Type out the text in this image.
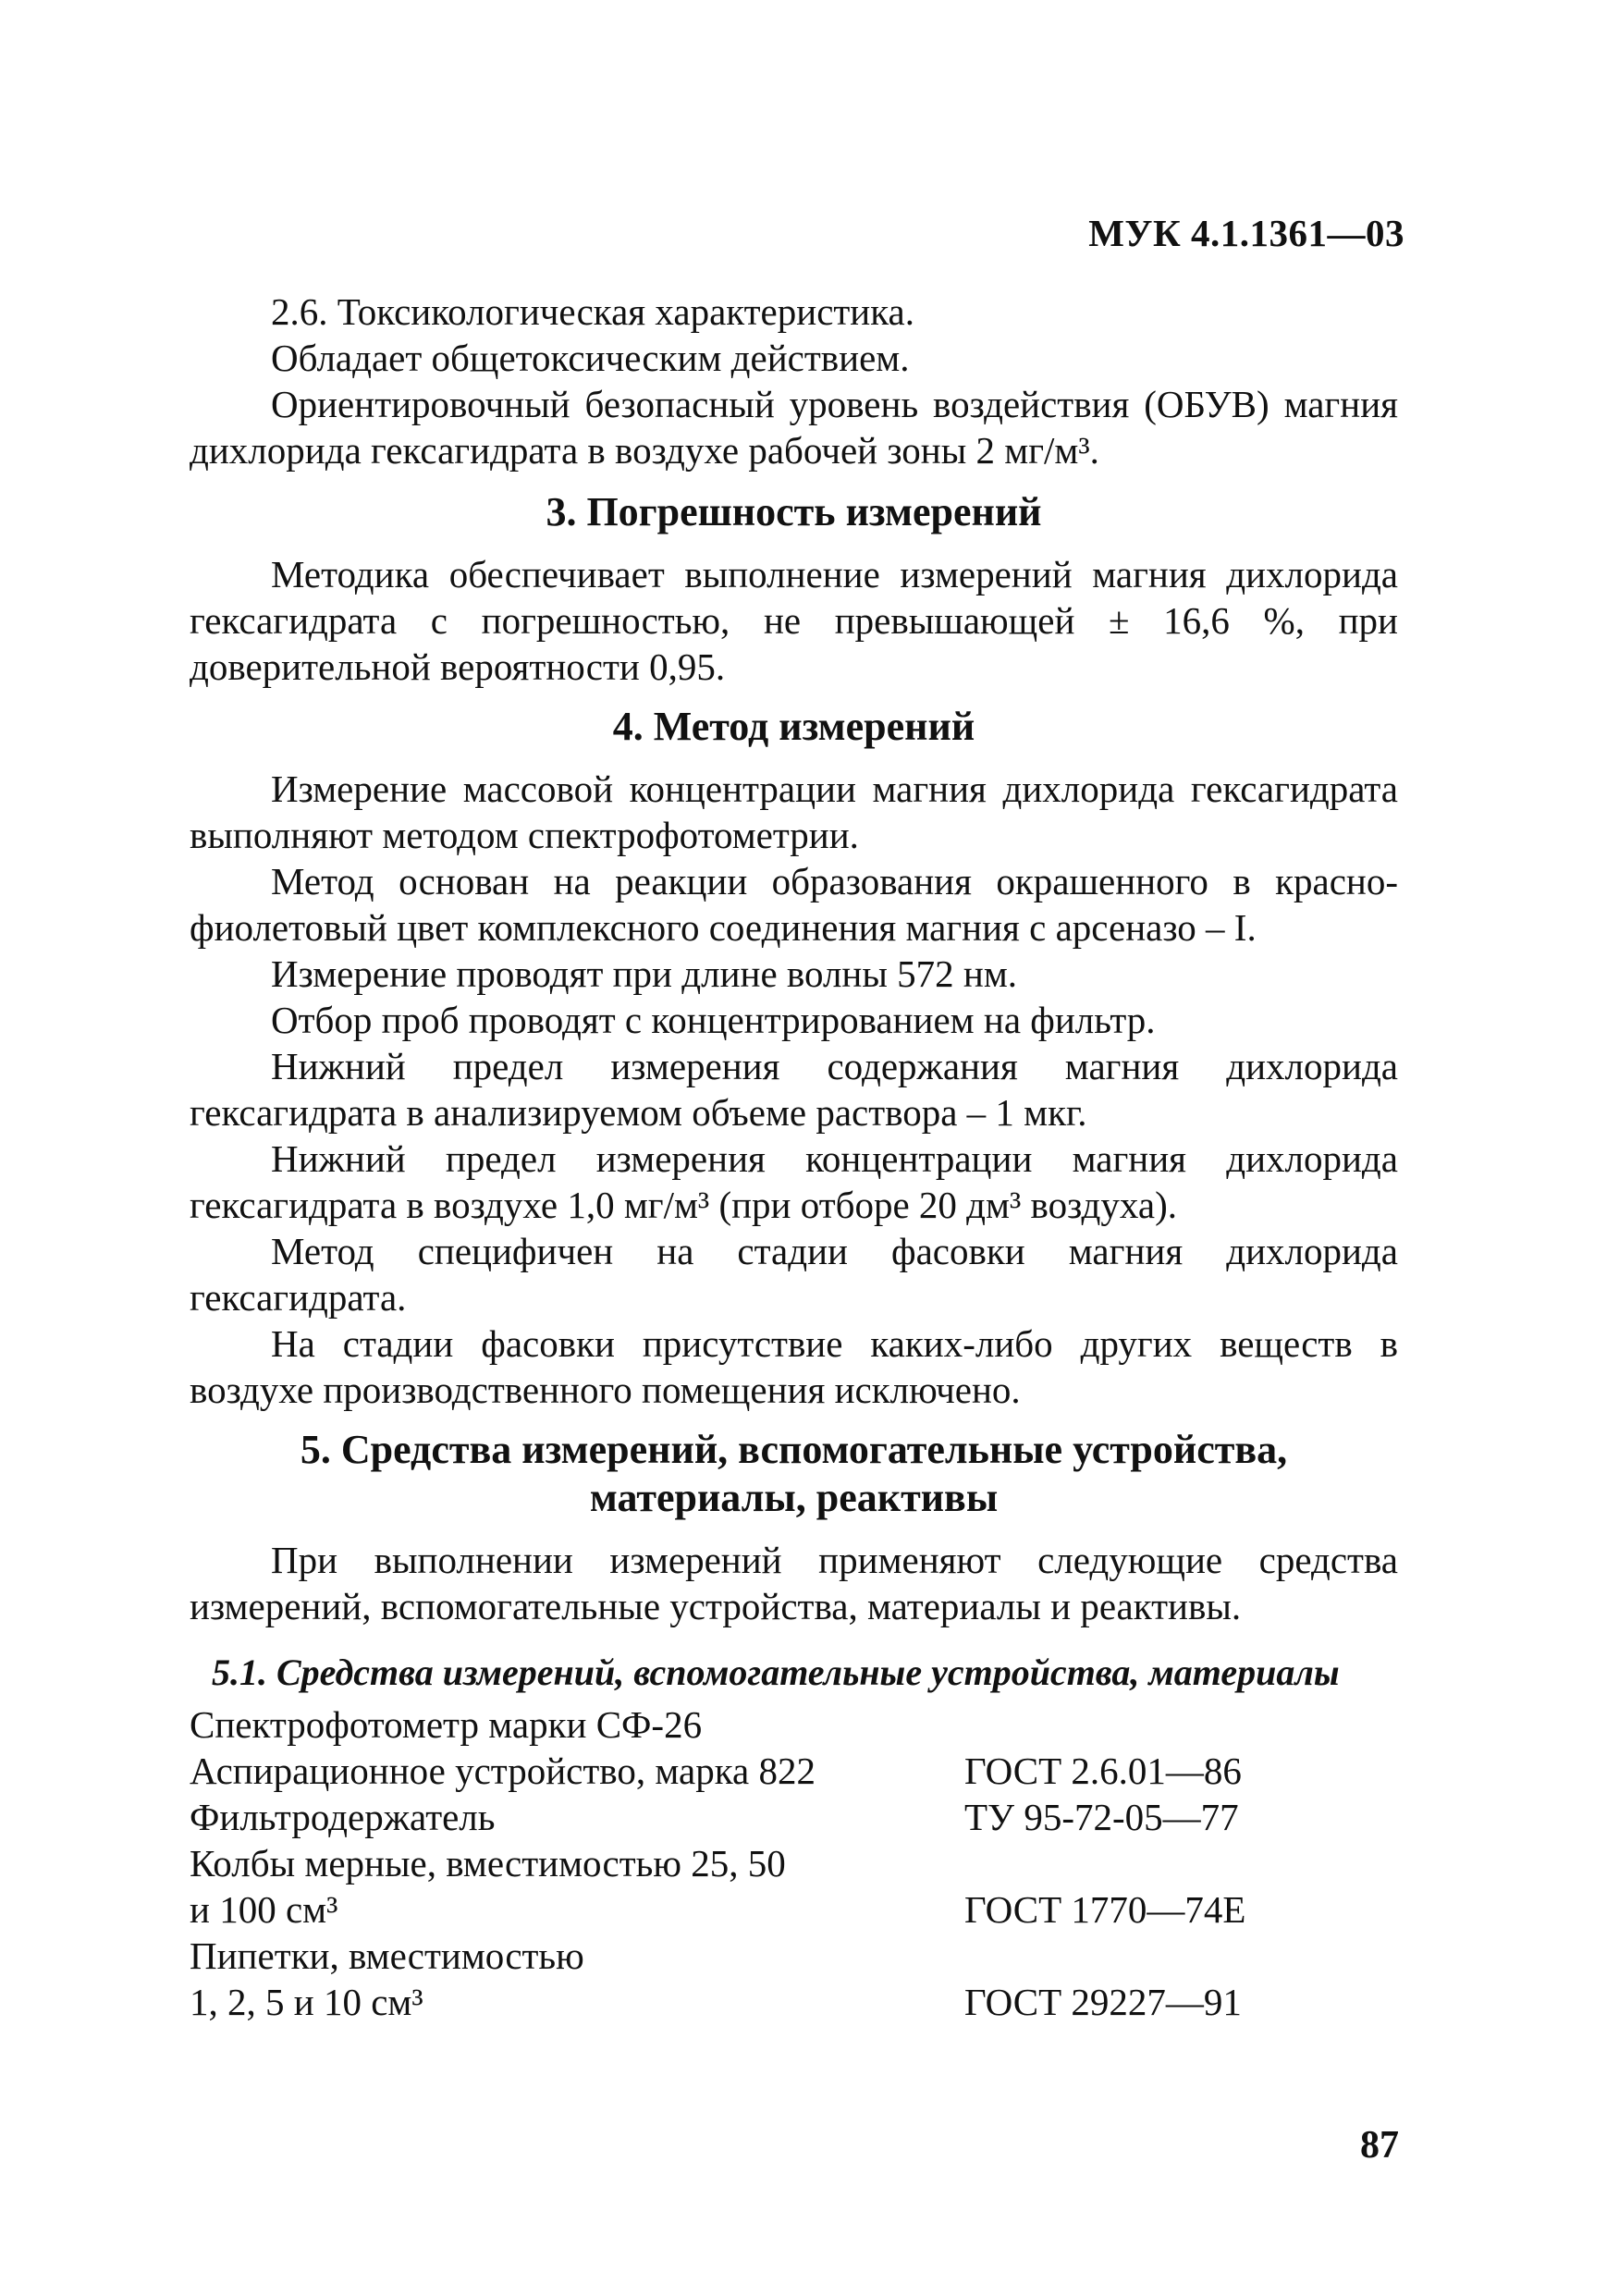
МУК 4.1.1361—03

2.6. Токсикологическая характеристика.

Обладает общетоксическим действием.

Ориентировочный безопасный уровень воздействия (ОБУВ) магния дихлорида гексагидрата в воздухе рабочей зоны 2 мг/м³.

3. Погрешность измерений

Методика обеспечивает выполнение измерений магния дихлорида гексагидрата с погрешностью, не превышающей ± 16,6 %, при доверительной вероятности 0,95.

4. Метод измерений

Измерение массовой концентрации магния дихлорида гексагидрата выполняют методом спектрофотометрии.

Метод основан на реакции образования окрашенного в красно-фиолетовый цвет комплексного соединения магния с арсеназо – I.

Измерение проводят при длине волны 572 нм.

Отбор проб проводят с концентрированием на фильтр.

Нижний предел измерения содержания магния дихлорида гексагидрата в анализируемом объеме раствора – 1 мкг.

Нижний предел измерения концентрации магния дихлорида гексагидрата в воздухе 1,0 мг/м³ (при отборе 20 дм³ воздуха).

Метод специфичен на стадии фасовки магния дихлорида гексагидрата.

На стадии фасовки присутствие каких-либо других веществ в воздухе производственного помещения исключено.

5. Средства измерений, вспомогательные устройства,
материалы, реактивы

При выполнении измерений применяют следующие средства измерений, вспомогательные устройства, материалы и реактивы.

5.1. Средства измерений, вспомогательные устройства, материалы
Спектрофотометр марки СФ-26	

Аспирационное устройство, марка 822	ГОСТ 2.6.01—86

Фильтродержатель	ТУ 95-72-05—77

Колбы мерные, вместимостью 25, 50
и 100 см³	ГОСТ 1770—74Е

Пипетки, вместимостью
1, 2, 5 и 10 см³	ГОСТ 29227—91
87
